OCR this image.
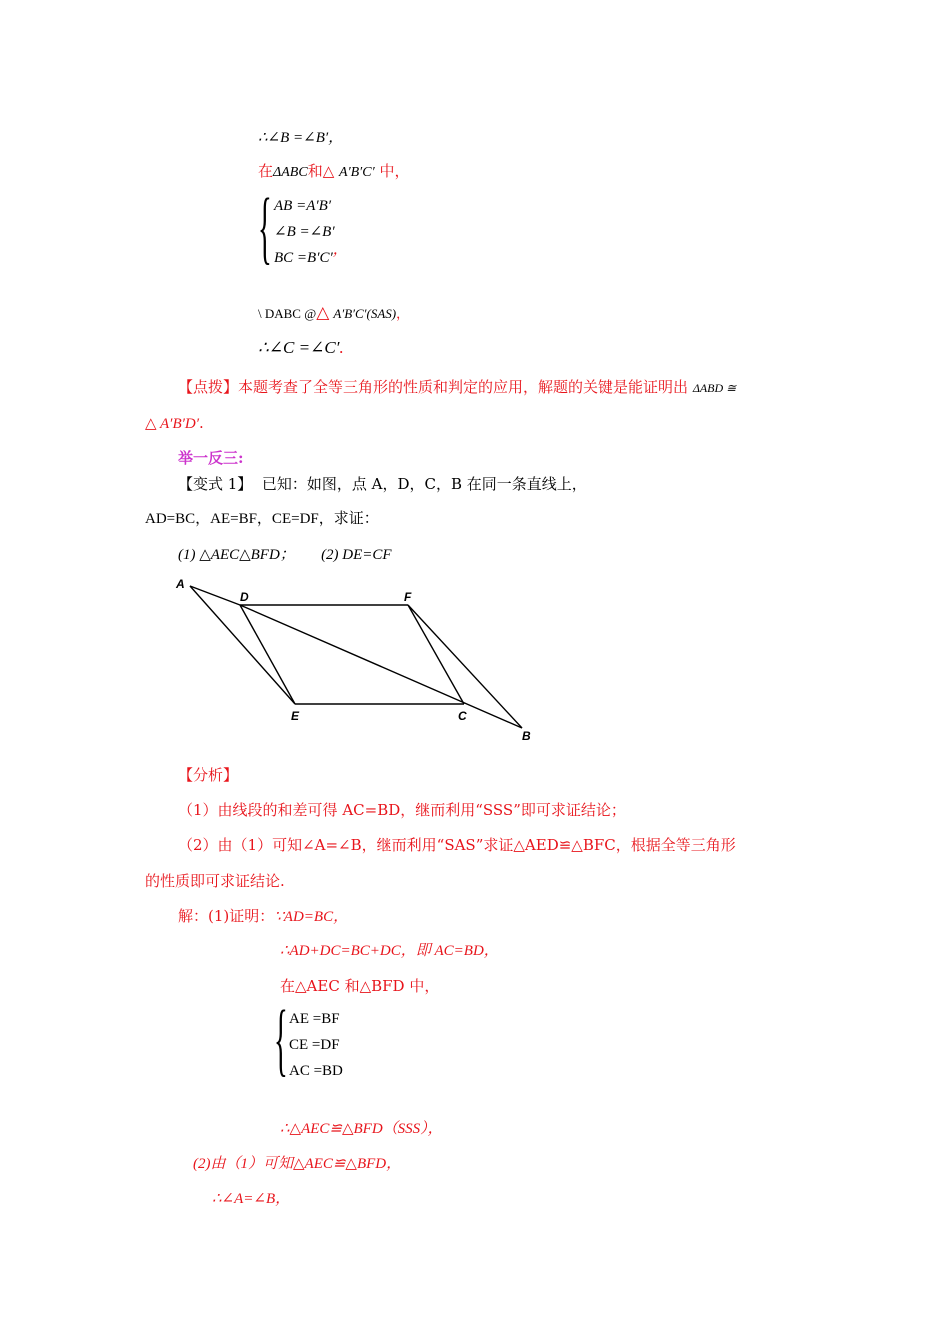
∴∠B =∠B′，
在ΔABC和△ A′B′C′ 中，
{ AB =A′B′
∠B =∠B′
BC =B′C′，
\ DABC @△ A′B′C′(SAS)，
∴∠C =∠C′.
【点拨】本题考查了全等三角形的性质和判定的应用，解题的关键是能证明出 ΔABD ≅
△ A′B′D′.
举一反三:
【变式 1】 已知：如图，点 A，D，C，B 在同一条直线上，
AD=BC，AE=BF，CE=DF，求证：
(1) △AEC△BFD； (2) DE=CF
A
D	F
E	C
B
【分析】
（1）由线段的和差可得 AC=BD，继而利用“SSS”即可求证结论；
（2）由（1）可知∠A=∠B，继而利用“SAS”求证△AED≌△BFC，根据全等三角形
的性质即可求证结论.
解：(1)证明：∵AD=BC，
∴AD+DC=BC+DC，即 AC=BD，
在△AEC 和△BFD 中，
{ AE =BF
CE =DF
AC =BD
∴△AEC≌△BFD（SSS），
(2)由（1）可知△AEC≌△BFD，
∴∠A=∠B，
